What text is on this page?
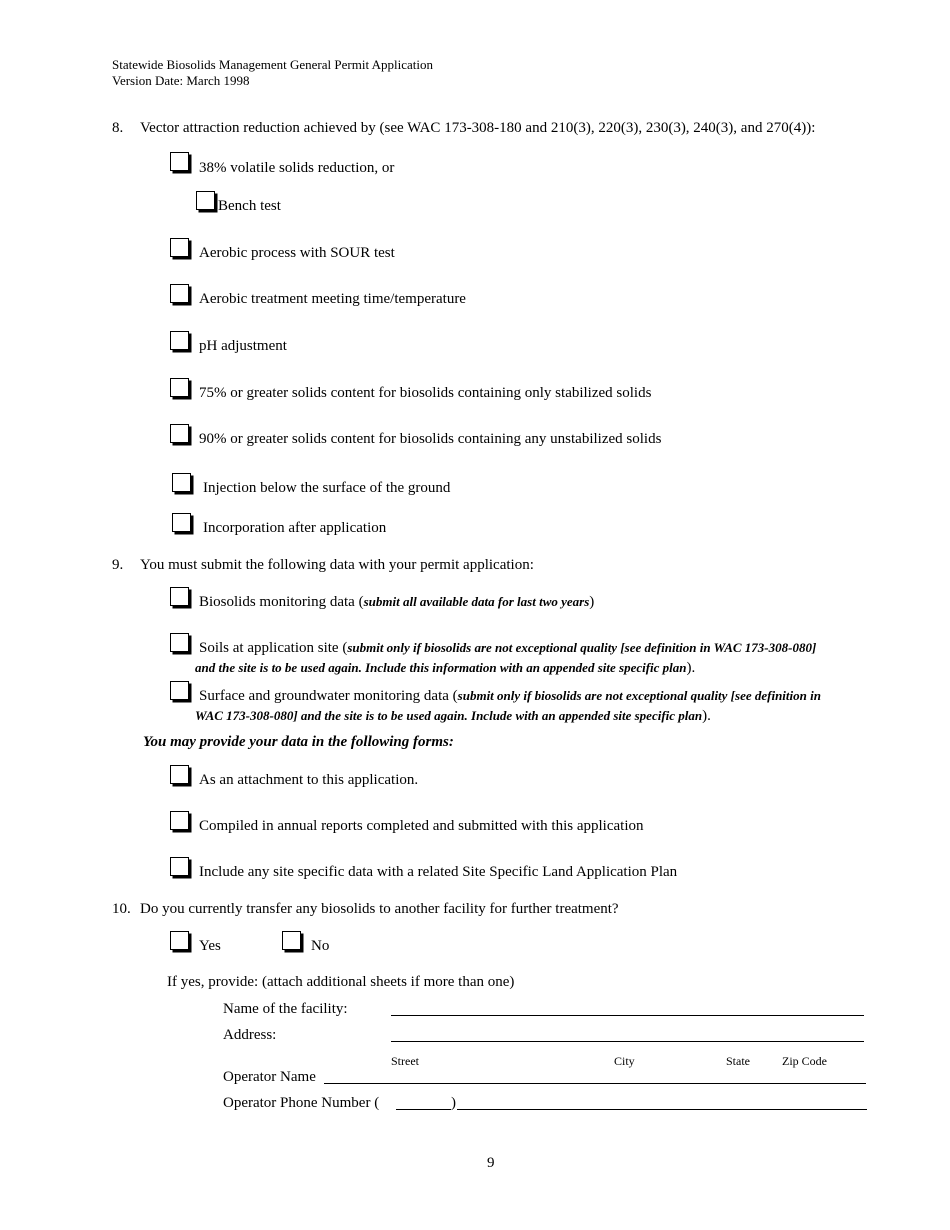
Statewide Biosolids Management General Permit Application
Version Date: March 1998
8. Vector attraction reduction achieved by (see WAC 173-308-180 and 210(3), 220(3), 230(3), 240(3), and 270(4)):
38% volatile solids reduction, or
Bench test
Aerobic process with SOUR test
Aerobic treatment meeting time/temperature
pH adjustment
75% or greater solids content for biosolids containing only stabilized solids
90% or greater solids content for biosolids containing any unstabilized solids
Injection below the surface of the ground
Incorporation after application
9. You must submit the following data with your permit application:
Biosolids monitoring data (submit all available data for last two years)
Soils at application site (submit only if biosolids are not exceptional quality [see definition in WAC 173-308-080]
and the site is to be used again. Include this information with an appended site specific plan).
Surface and groundwater monitoring data (submit only if biosolids are not exceptional quality [see definition in
WAC 173-308-080] and the site is to be used again. Include with an appended site specific plan).
You may provide your data in the following forms:
As an attachment to this application.
Compiled in annual reports completed and submitted with this application
Include any site specific data with a related Site Specific Land Application Plan
10. Do you currently transfer any biosolids to another facility for further treatment?
Yes	No
If yes, provide: (attach additional sheets if more than one)
Name of the facility:
Address:
Street	City	State	Zip Code
Operator Name
Operator Phone Number (	)
9
